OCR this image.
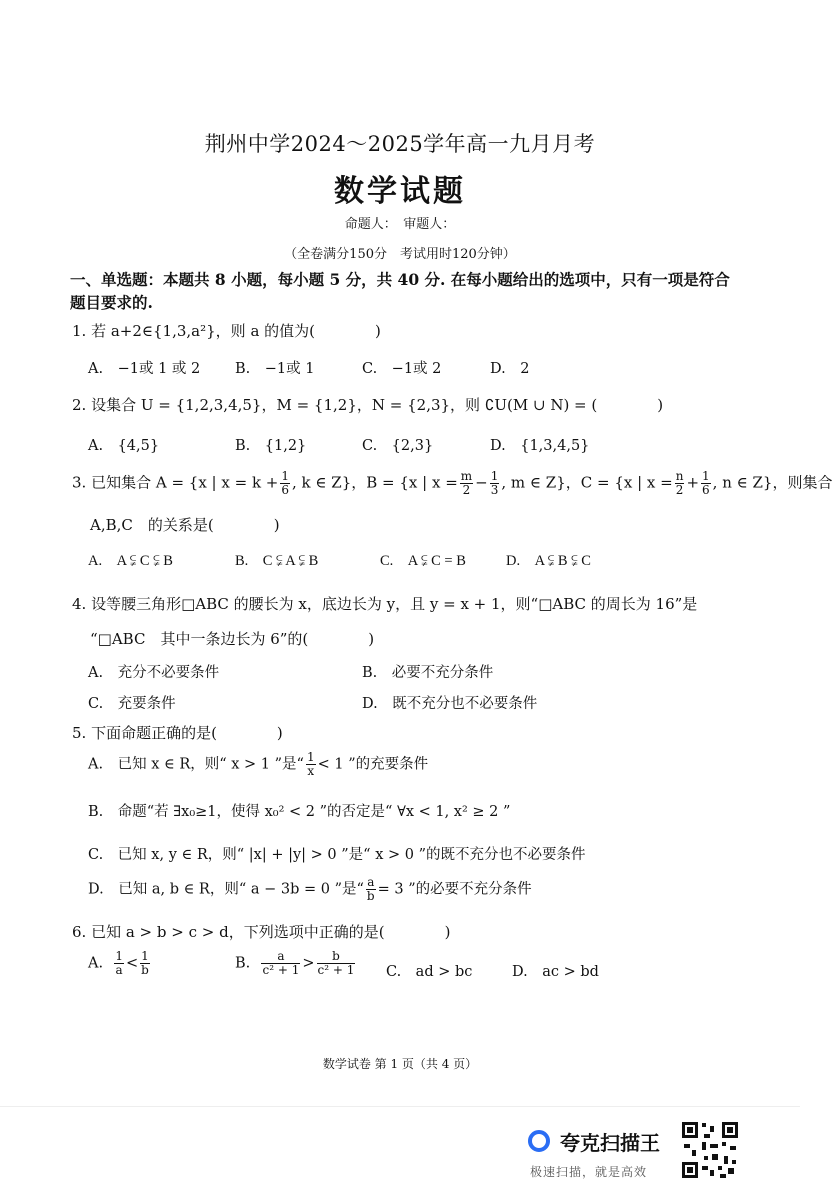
荆州中学2024～2025学年高一九月月考
数学试题
命题人：　审题人：
（全卷满分150分　考试用时120分钟）
一、单选题：本题共 8 小题，每小题 5 分，共 40 分. 在每小题给出的选项中，只有一项是符合题目要求的.
1. 若 a+2∈{1,3,a²}，则 a 的值为(　　　　)
A.　−1或 1 或 2 B.　−1或 1	C.　−1或 2	D.　2
2. 设集合 U = {1,2,3,4,5}，M = {1,2}，N = {2,3}，则 ∁U(M ∪ N) = (　　　　)
A.　{4,5}	B.　{1,2}	C.　{2,3}	D.　{1,3,4,5}
3. 已知集合 A = {x | $x = k + \frac{1}{6}$ , k ∈ Z}，B = {x | $x = \frac{m}{2} - \frac{1}{3}$ , m ∈ Z}，C = {x | $x = \frac{n}{2} + \frac{1}{6}$ , n ∈ Z}，则集合
A,B,C　的关系是(　　　　)
A.　A ⫋ C ⫋ B	B.　C ⫋ A ⫋ B	C.　A ⫋ C = B	D.　A ⫋ B ⫋ C
4. 设等腰三角形□ABC 的腰长为 x，底边长为 y，且 y = x + 1，则“□ABC 的周长为 16”是
“□ABC　其中一条边长为 6”的(　　　　)
A.　充分不必要条件	B.　必要不充分条件
C.　充要条件	D.　既不充分也不必要条件
5. 下面命题正确的是(　　　　)
A.　已知 x ∈ R，则“ x > 1 ”是“ $\frac{1}{x} < 1$ ”的充要条件
B.　命题“若 ∃x₀≥1，使得 x₀² < 2 ”的否定是“ ∀x < 1, x² ≥ 2 ”
C.　已知 x, y ∈ R，则“ |x| + |y| > 0 ”是“ x > 0 ”的既不充分也不必要条件
D.　已知 a, b ∈ R，则“ a − 3b = 0 ”是“ $\frac{a}{b} = 3$ ”的必要不充分条件
6. 已知 a > b > c > d，下列选项中正确的是(　　　　)
A. $\frac{1}{a} < \frac{1}{b}$	B. $\frac{a}{\text{c² + 1}} > \frac{b}{\text{c² + 1}} C$.　ad > bc	D.　ac > bd
数学试卷 第 1 页（共 4 页）
夸克扫描王
极速扫描，就是高效
